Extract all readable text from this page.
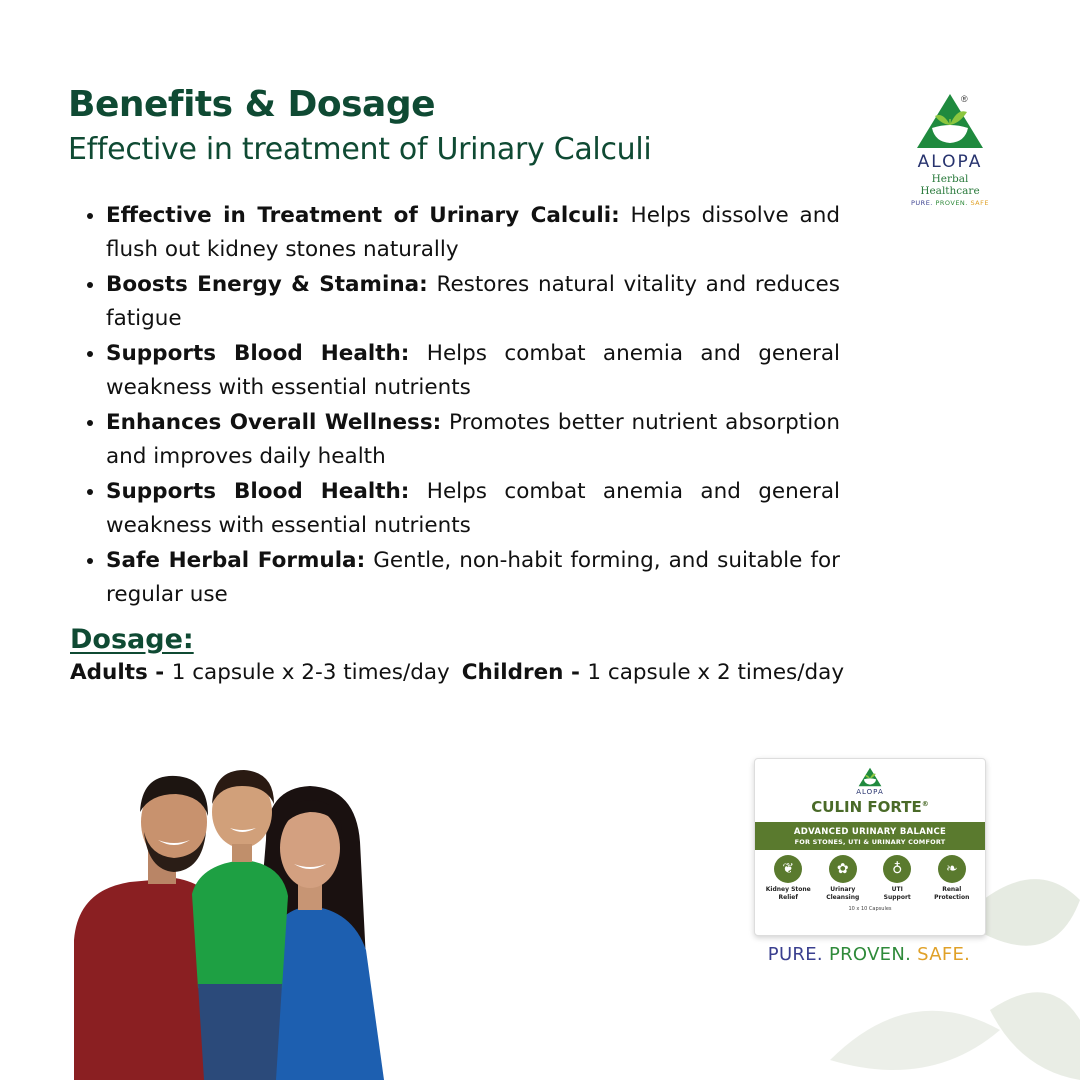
Benefits & Dosage
Effective in treatment of Urinary Calculi
®
ALOPA
Herbal Healthcare
PURE. PROVEN. SAFE
• Effective in Treatment of Urinary Calculi: Helps dissolve and flush out kidney stones naturally
• Boosts Energy & Stamina: Restores natural vitality and reduces fatigue
• Supports Blood Health: Helps combat anemia and general weakness with essential nutrients
• Enhances Overall Wellness: Promotes better nutrient absorption and improves daily health
• Supports Blood Health: Helps combat anemia and general weakness with essential nutrients
• Safe Herbal Formula: Gentle, non-habit forming, and suitable for regular use
Dosage:

Adults - 1 capsule x 2-3 times/day Children - 1 capsule x 2 times/day

ALOPA
CULIN FORTE®
ADVANCED URINARY BALANCE
FOR STONES, UTI & URINARY COMFORT
❦
Kidney Stone
Relief
✿
Urinary
Cleansing
♁
UTI
Support
❧
Renal
Protection
10 x 10 Capsules
PURE. PROVEN. SAFE.
